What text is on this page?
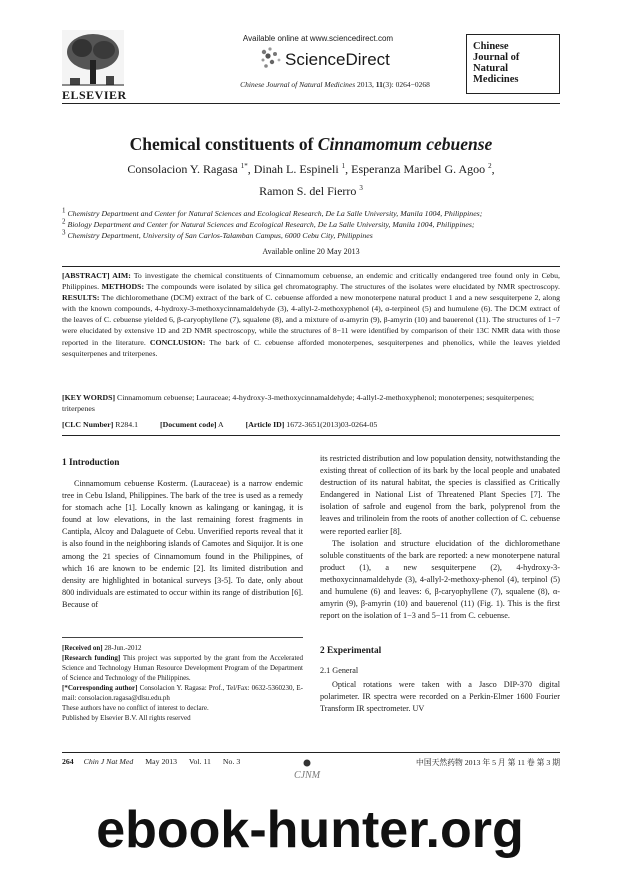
ELSEVIER
Available online at www.sciencedirect.com
ScienceDirect
Chinese Journal of Natural Medicines 2013, 11(3): 0264−0268
Chinese
Journal of
Natural
Medicines
Chemical constituents of Cinnamomum cebuense
Consolacion Y. Ragasa $^{1*}$, Dinah L. Espineli $^1$, Esperanza Maribel G. Agoo $^2$,
Ramon S. del Fierro $^3$
$^1$ Chemistry Department and Center for Natural Sciences and Ecological Research, De La Salle University, Manila 1004, Philippines;
$^2$ Biology Department and Center for Natural Sciences and Ecological Research, De La Salle University, Manila 1004, Philippines;
$^3$ Chemistry Department, University of San Carlos-Talamban Campus, 6000 Cebu City, Philippines
Available online 20 May 2013
[ABSTRACT] AIM: To investigate the chemical constituents of Cinnamomum cebuense, an endemic and critically endangered tree found only in Cebu, Philippines. METHODS: The compounds were isolated by silica gel chromatography. The structures of the isolates were elucidated by NMR spectroscopy. RESULTS: The dichloromethane (DCM) extract of the bark of C. cebuense afforded a new monoterpene natural product 1 and a new sesquiterpene 2, along with the known compounds, 4-hydroxy-3-methoxycinnamaldehyde (3), 4-allyl-2-methoxyphenol (4), α-terpineol (5) and humulene (6). The DCM extract of the leaves of C. cebuense yielded 6, β-caryophyllene (7), squalene (8), and a mixture of α-amyrin (9), β-amyrin (10) and bauerenol (11). The structures of 1−7 were elucidated by extensive 1D and 2D NMR spectroscopy, while the structures of 8−11 were identified by comparison of their 13C NMR data with those reported in the literature. CONCLUSION: The bark of C. cebuense afforded monoterpenes, sesquiterpenes and phenolics, while the leaves yielded sesquiterpenes and triterpenes.
[KEY WORDS] Cinnamomum cebuense; Lauraceae; 4-hydroxy-3-methoxycinnamaldehyde; 4-allyl-2-methoxyphenol; monoterpenes; sesquiterpenes; triterpenes
[CLC Number] R284.1	[Document code] A	[Article ID] 1672-3651(2013)03-0264-05
1 Introduction
Cinnamomum cebuense Kosterm. (Lauraceae) is a narrow endemic tree in Cebu Island, Philippines. The bark of the tree is used as a remedy for stomach ache [1]. Locally known as kalingang or kaningag, it is found at low elevations, in the last remaining forest fragments in Cantipla, Alcoy and Dalaguete of Cebu. Unverified reports reveal that it is also found in the neighboring islands of Camotes and Siquijor. It is one among the 21 species of Cinnamomum found in the Philippines, of which 16 are known to be endemic [2]. Its limited distribution and density are highlighted in botanical surveys [3-5]. To date, only about 800 individuals are estimated to occur within its range of distribution [6]. Because of
[Received on] 28-Jun.-2012
[Research funding] This project was supported by the grant from the Accelerated Science and Technology Human Resource Development Program of the Department of Science and Technology of the Philippines.
[*Corresponding author] Consolacion Y. Ragasa: Prof., Tel/Fax: 0632-5360230, E-mail: consolacion.ragasa@dlsu.edu.ph
These authors have no conflict of interest to declare.
Published by Elsevier B.V. All rights reserved
its restricted distribution and low population density, notwithstanding the existing threat of collection of its bark by the local people and unabated destruction of its natural habitat, the species is classified as Critically Endangered in National List of Threatened Plant Species [7]. The isolation of safrole and eugenol from the bark, polyprenol from the leaves and trilinolein from the roots of another collection of C. cebuense were reported earlier [8].
The isolation and structure elucidation of the dichloromethane soluble constituents of the bark are reported: a new monoterpene natural product (1), a new sesquiterpene (2), 4-hydroxy-3-methoxycinnamaldehyde (3), 4-allyl-2-methoxy-phenol (4), terpinol (5) and humulene (6) and leaves: 6, β-caryophyllene (7), squalene (8), α-amyrin (9), β-amyrin (10) and bauerenol (11) (Fig. 1). This is the first report on the isolation of 1−3 and 5−11 from C. cebuense.
2 Experimental
2.1 General
Optical rotations were taken with a Jasco DIP-370 digital polarimeter. IR spectra were recorded on a Perkin-Elmer 1600 Fourier Transform IR spectrometer. UV
264 Chin J Nat Med May 2013 Vol. 11 No. 3
CJNM
中国天然药物 2013 年 5 月 第 11 卷 第 3 期
ebook-hunter.org
